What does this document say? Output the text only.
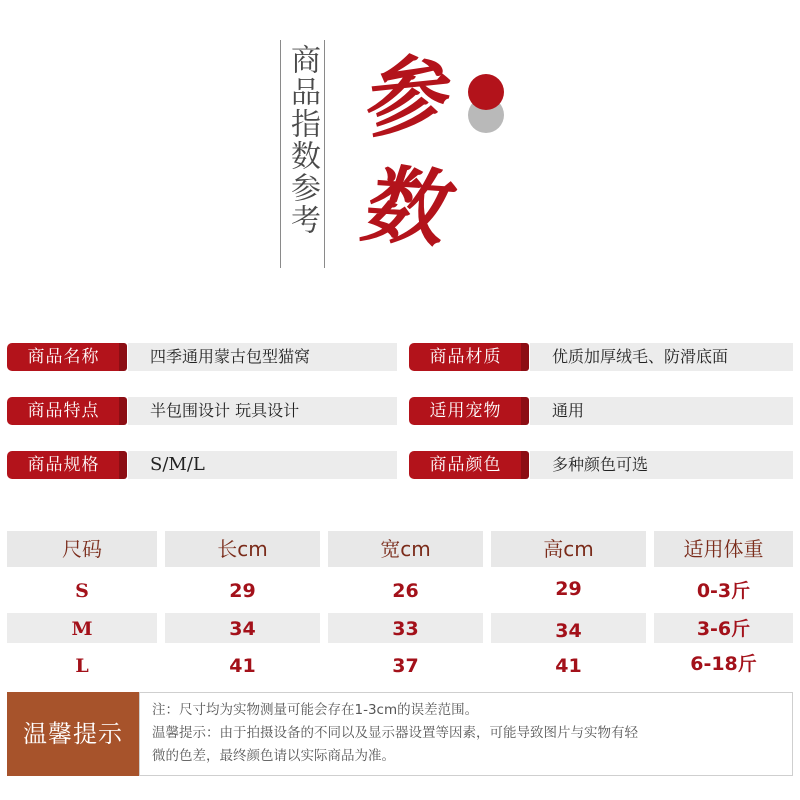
商品指数参考 参
数
商品名称	四季通用蒙古包型猫窝	商品材质	优质加厚绒毛、防滑底面
商品特点	半包围设计 玩具设计	适用宠物	通用
商品规格	S/M/L	商品颜色	多种颜色可选
尺码	长cm	宽cm	高cm	适用体重
S	29	26	29	0-3斤
M	34	33	34	3-6斤
L	41	37	41	6-18斤
温馨提示
注：尺寸均为实物测量可能会存在1-3cm的误差范围。
温馨提示：由于拍摄设备的不同以及显示器设置等因素，可能导致图片与实物有轻
微的色差，最终颜色请以实际商品为准。
